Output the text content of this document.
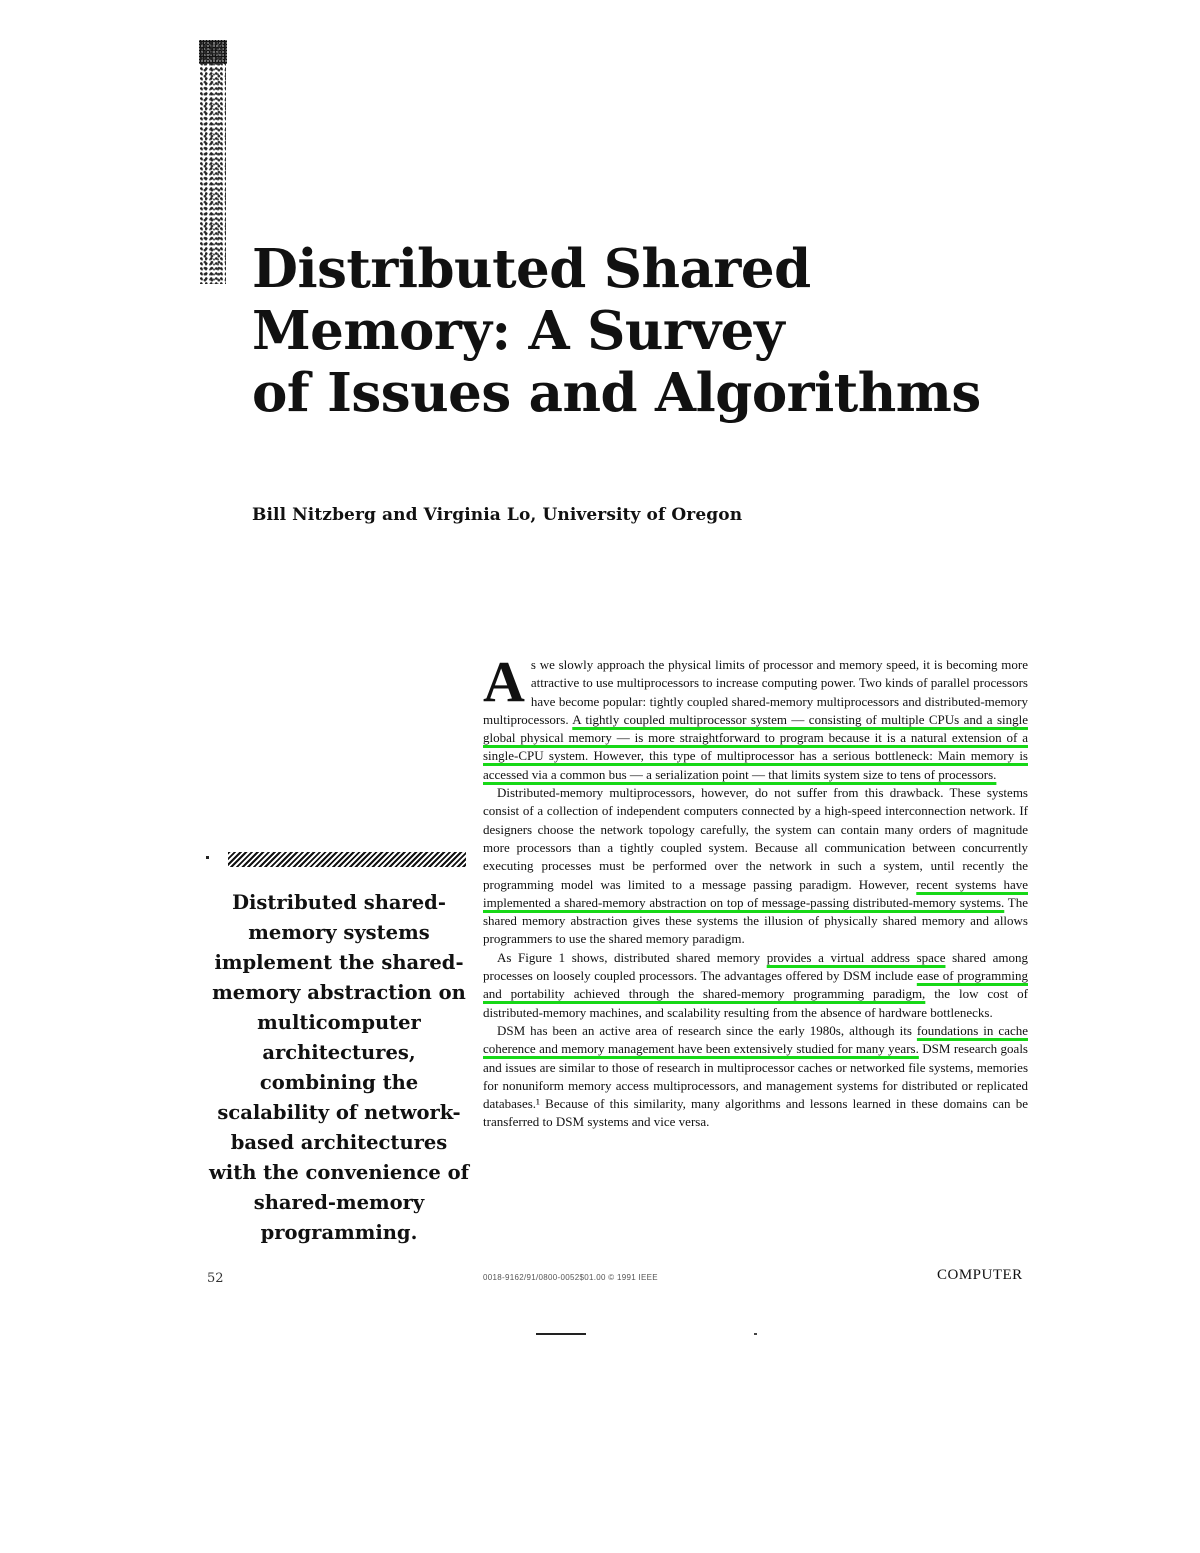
Distributed Shared
Memory: A Survey
of Issues and Algorithms
Bill Nitzberg and Virginia Lo, University of Oregon
Distributed shared-memory systems implement the shared-memory abstraction on multicomputer architectures, combining the scalability of network-based architectures with the convenience of shared-memory programming.

As we slowly approach the physical limits of processor and memory speed, it is becoming more attractive to use multiprocessors to increase computing power. Two kinds of parallel processors have become popular: tightly coupled shared-memory multiprocessors and distributed-memory multiprocessors. A tightly coupled multiprocessor system — consisting of multiple CPUs and a single global physical memory — is more straightforward to program because it is a natural extension of a single-CPU system. However, this type of multiprocessor has a serious bottleneck: Main memory is accessed via a common bus — a serialization point — that limits system size to tens of processors.

Distributed-memory multiprocessors, however, do not suffer from this drawback. These systems consist of a collection of independent computers connected by a high-speed interconnection network. If designers choose the network topology carefully, the system can contain many orders of magnitude more processors than a tightly coupled system. Because all communication between concurrently executing processes must be performed over the network in such a system, until recently the programming model was limited to a message passing paradigm. However, recent systems have implemented a shared-memory abstraction on top of message-passing distributed-memory systems. The shared memory abstraction gives these systems the illusion of physically shared memory and allows programmers to use the shared memory paradigm.

As Figure 1 shows, distributed shared memory provides a virtual address space shared among processes on loosely coupled processors. The advantages offered by DSM include ease of programming and portability achieved through the shared-memory programming paradigm, the low cost of distributed-memory machines, and scalability resulting from the absence of hardware bottlenecks.

DSM has been an active area of research since the early 1980s, although its foundations in cache coherence and memory management have been extensively studied for many years. DSM research goals and issues are similar to those of research in multiprocessor caches or networked file systems, memories for nonuniform memory access multiprocessors, and management systems for distributed or replicated databases.¹ Because of this similarity, many algorithms and lessons learned in these domains can be transferred to DSM systems and vice versa.

52	0018-9162/91/0800-0052$01.00 © 1991 IEEE	COMPUTER
